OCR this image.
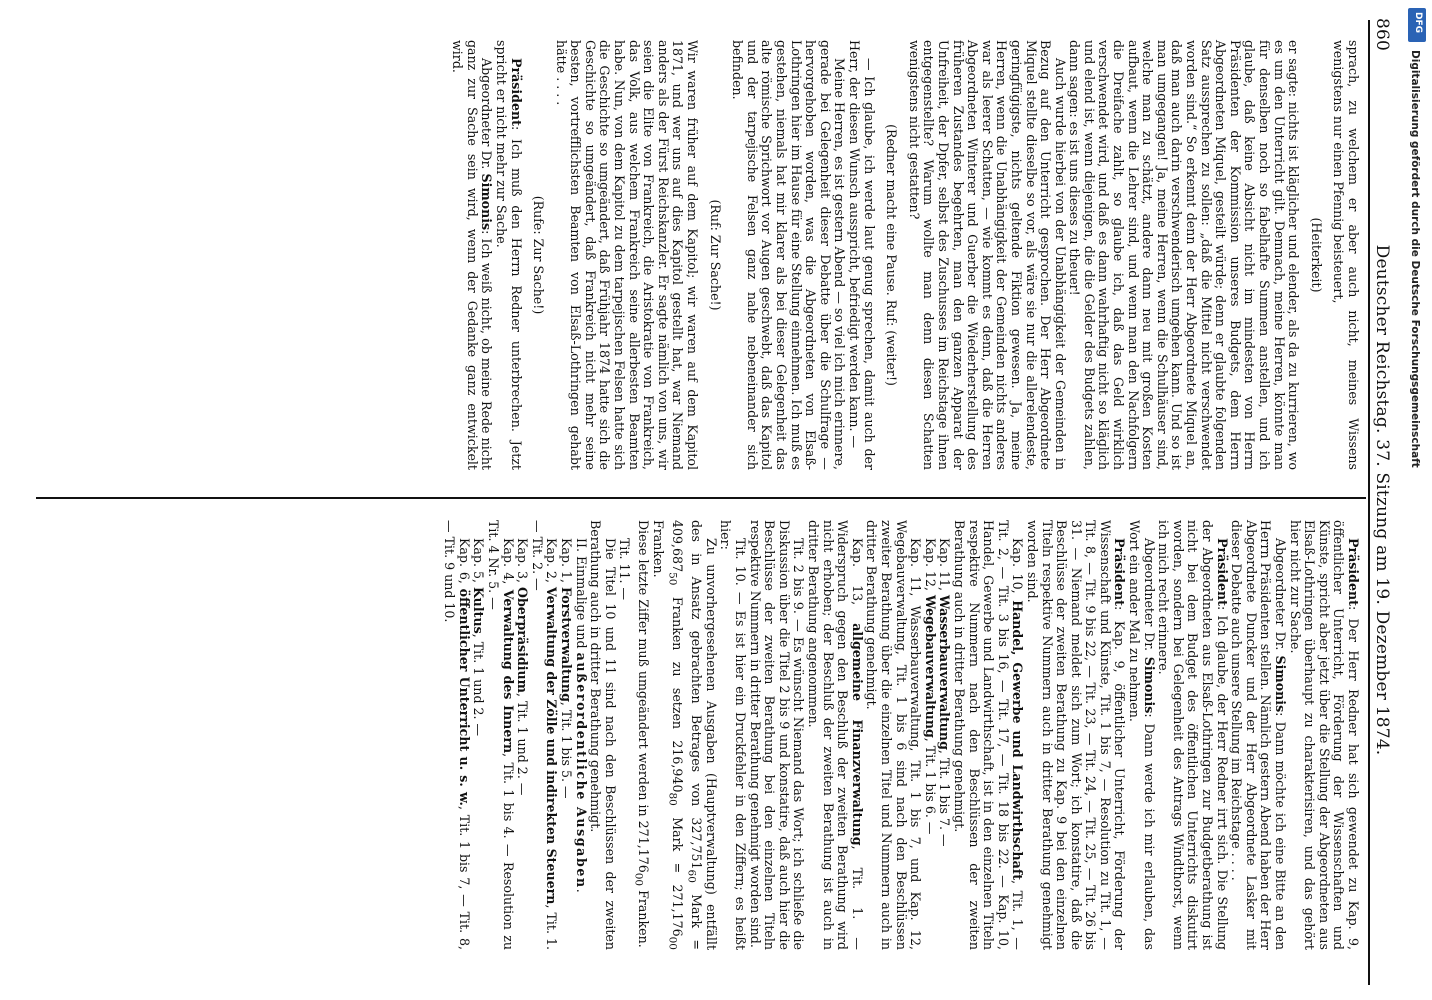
860
Deutscher Reichstag. 37. Sitzung am 19. Dezember 1874.

sprach, zu welchem er aber auch nicht, meines Wissens wenigstens nur einen Pfennig beisteuert,

(Heiterkeit)

er sagte: nichts ist kläglicher und elender, als da zu kurrieren, wo es um den Unterricht gilt. Demnach, meine Herren, könnte man für denselben noch so fabelhafte Summen anstellen, und ich glaube, daß keine Absicht nicht im mindesten von Herrn Präsidenten der Kommission unseres Budgets, dem Herrn Abgeordneten Miquel, gesteilt würde; denn er glaubte folgenden Satz aussprechen zu sollen: „daß die Mittel nicht verschwendet worden sind.“ So erkennt denn der Herr Abgeordnete Miquel an, daß man auch darin verschwenderisch umgehen kann. Und so ist man umgegangen! Ja, meine Herren, wenn die Schulhäuser sind, welche man zu schätzt, andere dann neu mit großen Kosten aufbaut, wenn die Lehrer sind, und wenn man den Nachfolgern die Dreifache zahlt, so glaube ich, daß das Geld wirklich verschwendet wird, und daß es dann wahrhaftig nicht so kläglich und elend ist, wenn diejenigen, die die Gelder des Budgets zahlen, dann sagen: es ist uns dieses zu theuer!

Auch wurde hierbei von der Unabhängigkeit der Gemeinden in Bezug auf den Unterricht gesprochen. Der Herr Abgeordnete Miquel stellte dieselbe so vor, als wäre sie nur die allerelendeste, geringfügigste, nichts geltende Fiktion gewesen. Ja, meine Herren, wenn die Unabhängigkeit der Gemeinden nichts anderes war als leerer Schatten, — wie kommt es denn, daß die Herren Abgeordneten Winterer und Guerber die Wiederherstellung des früheren Zustandes begehrten, man den ganzen Apparat der Unfreiheit, der Dpfer, selbst des Zuschusses im Reichstage ihnen entgegenstellte? Warum wollte man denn diesen Schatten wenigstens nicht gestatten?

(Redner macht eine Pause. Ruf: (weiter!)

— Ich glaube, ich werde laut genug sprechen, damit auch der Herr, der diesen Wunsch ausspricht, befriedigt werden kann. —

Meine Herren, es ist gestern Abend — so viel ich mich erinnere, gerade bei Gelegenheit dieser Debatte über die Schulfrage — hervorgehoben worden, was die Abgeordneten von Elsaß-Lothringen hier im Hause für eine Stellung einnehmen. Ich muß es gestehen, niemals hat mir klarer als bei dieser Gelegenheit das alte römische Sprichwort vor Augen geschwebt, daß das Kapitol und der tarpejische Felsen ganz nahe nebeneinander sich befinden.

(Ruf: Zur Sache!)

Wir waren früher auf dem Kapitol; wir waren auf dem Kapitol 1871, und wer uns auf dies Kapitol gestellt hat, war Niemand anders als der Fürst Reichskanzler. Er sagte nämlich von uns, wir seien die Elite von Frankreich, die Aristokratie von Frankreich, das Volk, aus welchem Frankreich seine allerbesten Beamten habe. Nun, von dem Kapitol zu dem tarpejischen Felsen hatte sich die Geschichte so umgeändert, daß Frühjahr 1874 hatte sich die Geschichte so umgeändert, daß Frankreich nicht mehr seine besten, vortrefflichsten Beamten von Elsaß-Lothringen gehabt hätte . . . .

(Rufe: Zur Sache!)

Präsident: Ich muß den Herrn Redner unterbrechen. Jetzt spricht er nicht mehr zur Sache.

Abgeordneter Dr. Simonis: Ich weiß nicht, ob meine Rede nicht ganz zur Sache sein wird, wenn der Gedanke ganz entwickelt wird.

Präsident: Der Herr Redner hat sich gewendet zu Kap. 9, öffentlicher Unterricht, Förderung der Wissenschaften und Künste, spricht aber jetzt über die Stellung der Abgeordneten aus Elsaß-Lothringen überhaupt zu charakterisiren, und das gehört hier nicht zur Sache.

Abgeordneter Dr. Simonis: Dann möchte ich eine Bitte an den Herrn Präsidenten stellen. Nämlich gestern Abend haben der Herr Abgeordnete Duncker und der Herr Abgeordnete Lasker mit dieser Debatte auch unsere Stellung im Reichstage . . . .

Präsident: Ich glaube, der Herr Redner irrt sich. Die Stellung der Abgeordneten aus Elsaß-Lothringen zur Budgetberathung ist nicht bei dem Budget des öffentlichen Unterrichts diskutirt worden, sondern bei Gelegenheit des Antrags Windthorst, wenn ich mich recht erinnere.

Abgeordneter Dr. Simonis: Dann werde ich mir erlauben, das Wort ein ander Mal zu nehmen.

Präsident: Kap. 9, öffentlicher Unterricht, Förderung der Wissenschaft und Künste, Tit. 1 bis 7, — Resolution zu Tit. 1, — Tit. 8, — Tit. 9 bis 22, — Tit. 23, — Tit. 24, — Tit. 25, — Tit. 26 bis 31. — Niemand meldet sich zum Wort; ich konstatire, daß die Beschlüsse der zweiten Berathung zu Kap. 9 bei den einzelnen Titeln respektive Nummern auch in dritter Berathung genehmigt worden sind.

Kap. 10, Handel, Gewerbe und Landwirthschaft, Tit. 1, — Tit. 2, — Tit. 3 bis 16, — Tit. 17, — Tit. 18 bis 22. — Kap. 10, Handel, Gewerbe und Landwirthschaft, ist in den einzelnen Titeln respektive Nummern nach den Beschlüssen der zweiten Berathung auch in dritter Berathung genehmigt.

Kap. 11, Wasserbauverwaltung, Tit. 1 bis 7. —

Kap. 12, Wegebauverwaltung, Tit. 1 bis 6. —

Kap. 11, Wasserbauverwaltung, Tit. 1 bis 7, und Kap. 12, Wegebauverwaltung, Tit. 1 bis 6 sind nach den Beschlüssen zweiter Berathung über die einzelnen Titel und Nummern auch in dritter Berathung genehmigt.

Kap. 13, allgemeine Finanzverwaltung, Tit. 1. — Widerspruch gegen den Beschluß der zweiten Berathung wird nicht erhoben; der Beschluß der zweiten Berathung ist auch in dritter Berathung angenommen.

Tit. 2 bis 9. — Es wünscht Niemand das Wort; ich schließe die Diskussion über die Titel 2 bis 9 und konstatire, daß auch hier die Beschlüsse der zweiten Berathung bei den einzelnen Titeln respektive Nummern in dritter Berathung genehmigt worden sind.

Tit. 10. — Es ist hier ein Druckfehler in den Ziffern; es heißt hier:

Zu unvorhergesehenen Ausgaben (Hauptverwaltung) entfällt des in Ansatz gebrachten Betrages von $327,751_{60}$ Mark = $409,687_{50}$ Franken zu setzen $216,940_{80}$ Mark = $271,176_{00}$ Franken.

Diese letzte Ziffer muß umgeändert werden in $271,176_{00}$ Franken.

Tit. 11. —

Die Titel 10 und 11 sind nach den Beschlüssen der zweiten Berathung auch in dritter Berathung genehmigt.

II. Einmalige und außerordentliche Ausgaben.

Kap. 1, Forstverwaltung, Tit. 1 bis 5. —

Kap. 2, Verwaltung der Zölle und indirekten Steuern, Tit. 1. — Tit. 2. —

Kap. 3, Oberpräsidium, Tit. 1 und 2. —

Kap. 4, Verwaltung des Innern, Tit. 1 bis 4. — Resolution zu Tit. 4 Nr. 5. —

Kap. 5, Kultus, Tit. 1 und 2. —

Kap. 6, öffentlicher Unterricht u. s. w., Tit. 1 bis 7, — Tit. 8, — Tit. 9 und 10.

DFG
Digitalisierung gefördert durch die Deutsche Forschungsgemeinschaft
